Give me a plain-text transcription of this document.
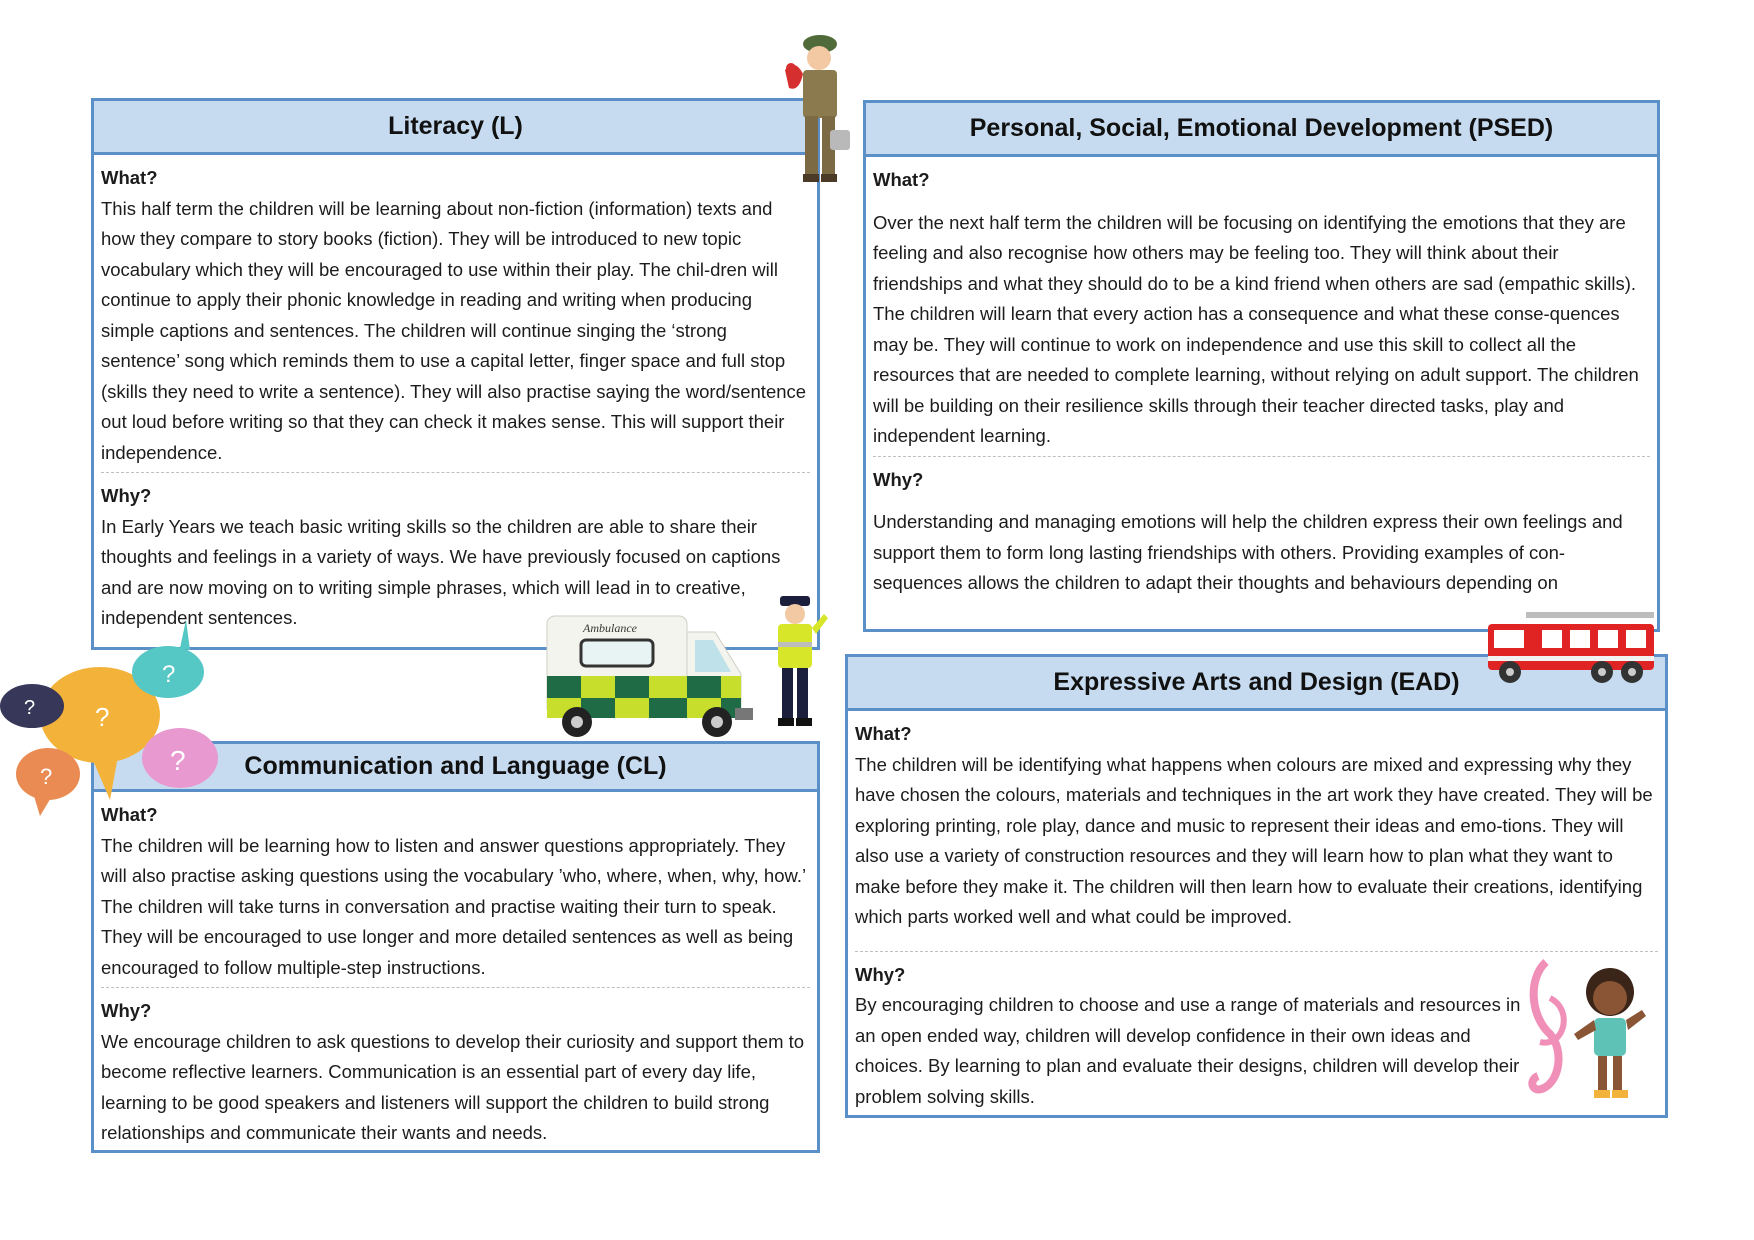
Literacy (L)
What?
This half term the children will be learning about non-fiction (information) texts and how they compare to story books (fiction). They will be introduced to new topic vocabulary which they will be encouraged to use within their play. The chil-dren will continue to apply their phonic knowledge in reading and writing when producing simple captions and sentences. The children will continue singing the ‘strong sentence’ song which reminds them to use a capital letter, finger space and full stop (skills they need to write a sentence). They will also practise saying the word/sentence out loud before writing so that they can check it makes sense. This will support their independence.
Why?
In Early Years we teach basic writing skills so the children are able to share their thoughts and feelings in a variety of ways. We have previously focused on captions and are now moving on to writing simple phrases, which will lead in to creative, independent sentences.
Personal, Social, Emotional Development (PSED)
What?
Over the next half term the children will be focusing on identifying the emotions that they are feeling and also recognise how others may be feeling too. They will think about their friendships and what they should do to be a kind friend when others are sad (empathic skills). The children will learn that every action has a consequence and what these conse-quences may be. They will continue to work on independence and use this skill to collect all the resources that are needed to complete learning, without relying on adult support. The children will be building on their resilience skills through their teacher directed tasks, play and independent learning.
Why?
Understanding and managing emotions will help the children express their own feelings and support them to form long lasting friendships with others. Providing examples of con-sequences allows the children to adapt their thoughts and behaviours depending on
Expressive Arts and Design (EAD)
What?
The children will be identifying what happens when colours are mixed and expressing why they have chosen the colours, materials and techniques in the art work they have created. They will be exploring printing, role play, dance and music to represent their ideas and emo-tions. They will also use a variety of construction resources and they will learn how to plan what they want to make before they make it. The children will then learn how to evaluate their creations, identifying which parts worked well and what could be improved.
Why?
By encouraging children to choose and use a range of materials and resources in an open ended way, children will develop confidence in their own ideas and choices. By learning to plan and evaluate their designs, children will develop their problem solving skills.
Communication and Language (CL)
What?
The children will be learning how to listen and answer questions appropriately. They will also practise asking questions using the vocabulary ’who, where, when, why, how.’ The children will take turns in conversation and practise waiting their turn to speak. They will be encouraged to use longer and more detailed sentences as well as being encouraged to follow multiple-step instructions.
Why?
We encourage children to ask questions to develop their curiosity and support them to become reflective learners. Communication is an essential part of every day life, learning to be good speakers and listeners will support the children to build strong relationships and communicate their wants and needs.
Ambulance
?
?
?
?
?
